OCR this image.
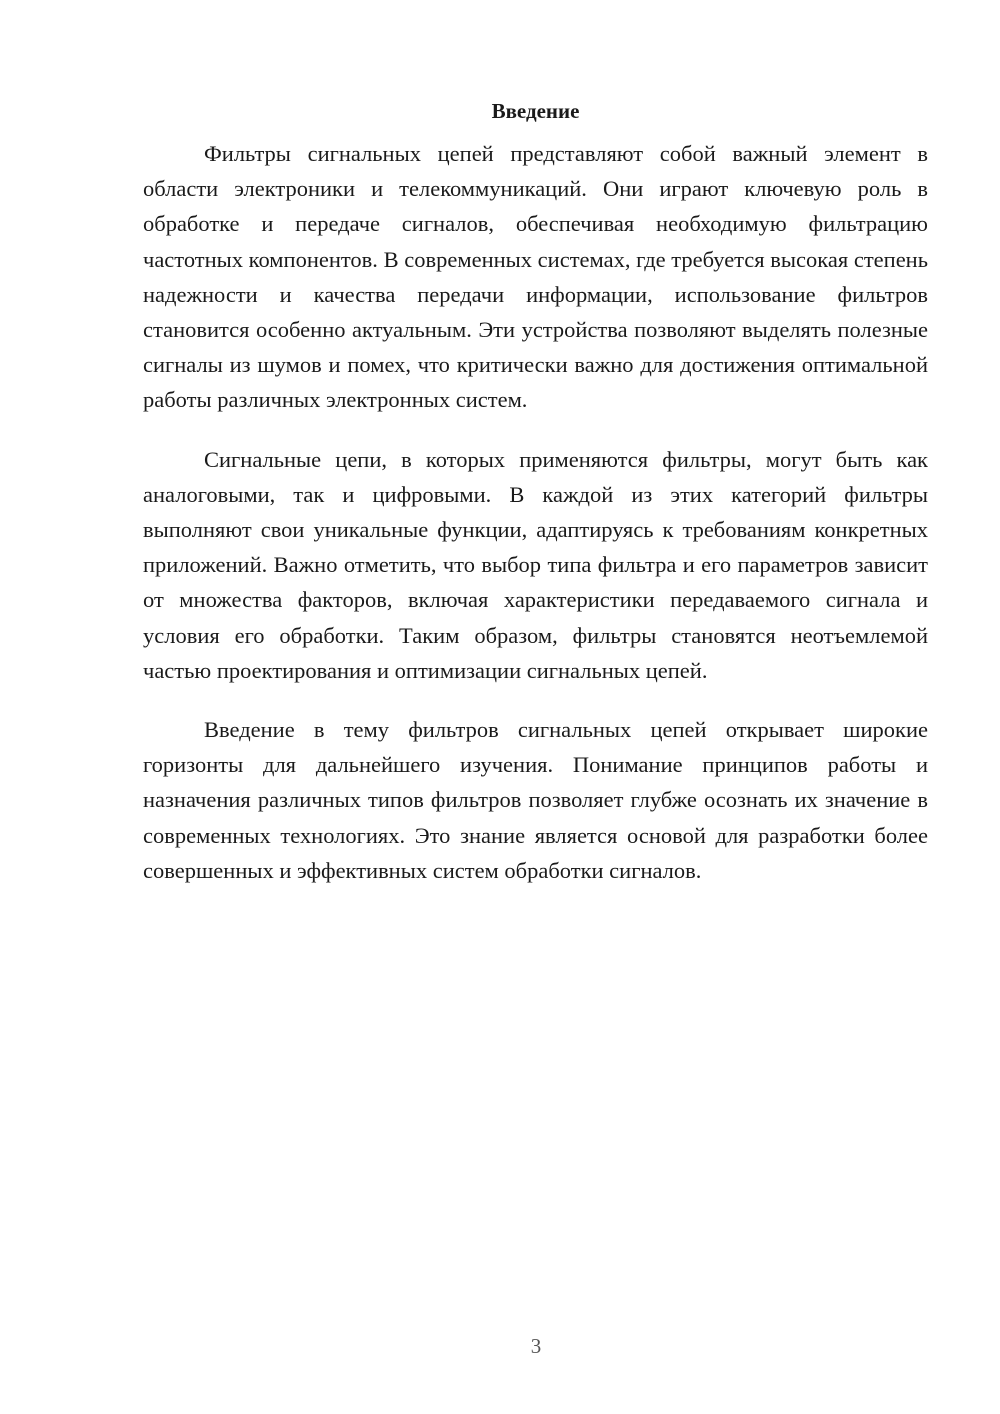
Введение

Фильтры сигнальных цепей представляют собой важный элемент в области электроники и телекоммуникаций. Они играют ключевую роль в обработке и передаче сигналов, обеспечивая необходимую фильтрацию частотных компонентов. В современных системах, где требуется высокая степень надежности и качества передачи информации, использование фильтров становится особенно актуальным. Эти устройства позволяют выделять полезные сигналы из шумов и помех, что критически важно для достижения оптимальной работы различных электронных систем.

Сигнальные цепи, в которых применяются фильтры, могут быть как аналоговыми, так и цифровыми. В каждой из этих категорий фильтры выполняют свои уникальные функции, адаптируясь к требованиям конкретных приложений. Важно отметить, что выбор типа фильтра и его параметров зависит от множества факторов, включая характеристики передаваемого сигнала и условия его обработки. Таким образом, фильтры становятся неотъемлемой частью проектирования и оптимизации сигнальных цепей.

Введение в тему фильтров сигнальных цепей открывает широкие горизонты для дальнейшего изучения. Понимание принципов работы и назначения различных типов фильтров позволяет глубже осознать их значение в современных технологиях. Это знание является основой для разработки более совершенных и эффективных систем обработки сигналов.

3
